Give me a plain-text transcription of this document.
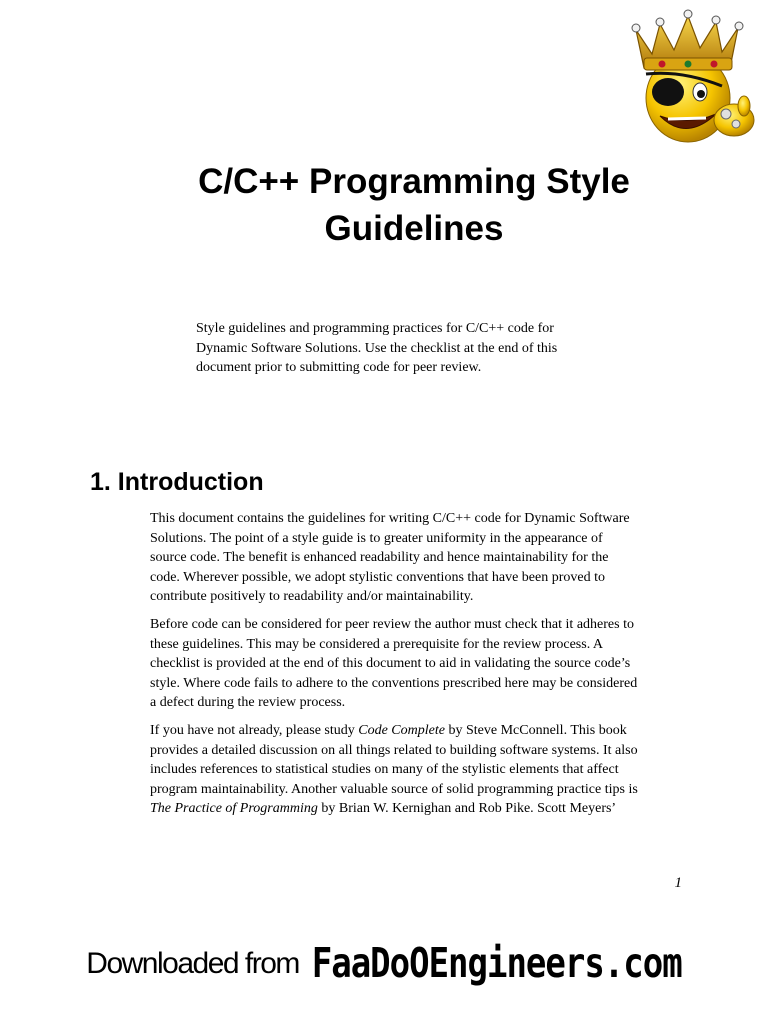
C/C++ Programming Style
Guidelines
Style guidelines and programming practices for C/C++ code for
Dynamic Software Solutions. Use the checklist at the end of this
document prior to submitting code for peer review.
1. Introduction
This document contains the guidelines for writing C/C++ code for Dynamic Software
Solutions. The point of a style guide is to greater uniformity in the appearance of
source code. The benefit is enhanced readability and hence maintainability for the
code. Wherever possible, we adopt stylistic conventions that have been proved to
contribute positively to readability and/or maintainability.
Before code can be considered for peer review the author must check that it adheres to
these guidelines. This may be considered a prerequisite for the review process. A
checklist is provided at the end of this document to aid in validating the source code’s
style. Where code fails to adhere to the conventions prescribed here may be considered
a defect during the review process.
If you have not already, please study Code Complete by Steve McConnell. This book
provides a detailed discussion on all things related to building software systems. It also
includes references to statistical studies on many of the stylistic elements that affect
program maintainability. Another valuable source of solid programming practice tips is
The Practice of Programming by Brian W. Kernighan and Rob Pike. Scott Meyers’
1
Downloaded from FaaDoOEngineers.com
